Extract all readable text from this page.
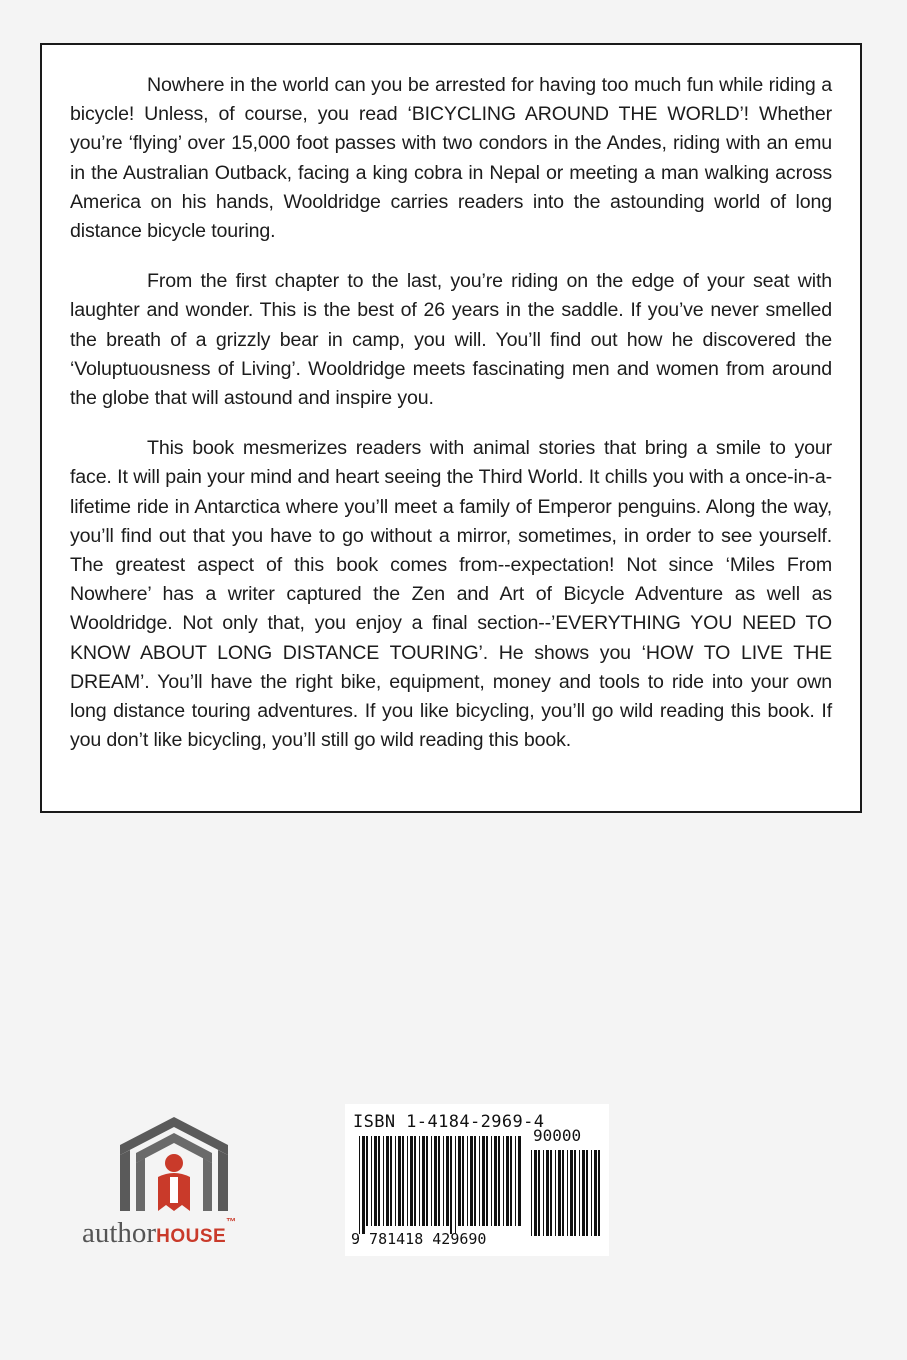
Nowhere in the world can you be arrested for having too much fun while riding a bicycle! Unless, of course, you read ‘BICYCLING AROUND THE WORLD’! Whether you’re ‘flying’ over 15,000 foot passes with two condors in the Andes, riding with an emu in the Australian Outback, facing a king cobra in Nepal or meeting a man walking across America on his hands, Wooldridge carries readers into the astounding world of long distance bicycle touring.

From the first chapter to the last, you’re riding on the edge of your seat with laughter and wonder. This is the best of 26 years in the saddle. If you’ve never smelled the breath of a grizzly bear in camp, you will. You’ll find out how he discovered the ‘Voluptuousness of Living’. Wooldridge meets fascinating men and women from around the globe that will astound and inspire you.

This book mesmerizes readers with animal stories that bring a smile to your face. It will pain your mind and heart seeing the Third World. It chills you with a once-in-a-lifetime ride in Antarctica where you’ll meet a family of Emperor penguins. Along the way, you’ll find out that you have to go without a mirror, sometimes, in order to see yourself. The greatest aspect of this book comes from--expectation! Not since ‘Miles From Nowhere’ has a writer captured the Zen and Art of Bicycle Adventure as well as Wooldridge. Not only that, you enjoy a final section--’EVERYTHING YOU NEED TO KNOW ABOUT LONG DISTANCE TOURING’. He shows you ‘HOW TO LIVE THE DREAM’. You’ll have the right bike, equipment, money and tools to ride into your own long distance touring adventures. If you like bicycling, you’ll go wild reading this book. If you don’t like bicycling, you’ll still go wild reading this book.

authorHOUSE™
ISBN 1-4184-2969-4
90000
9 781418 429690
